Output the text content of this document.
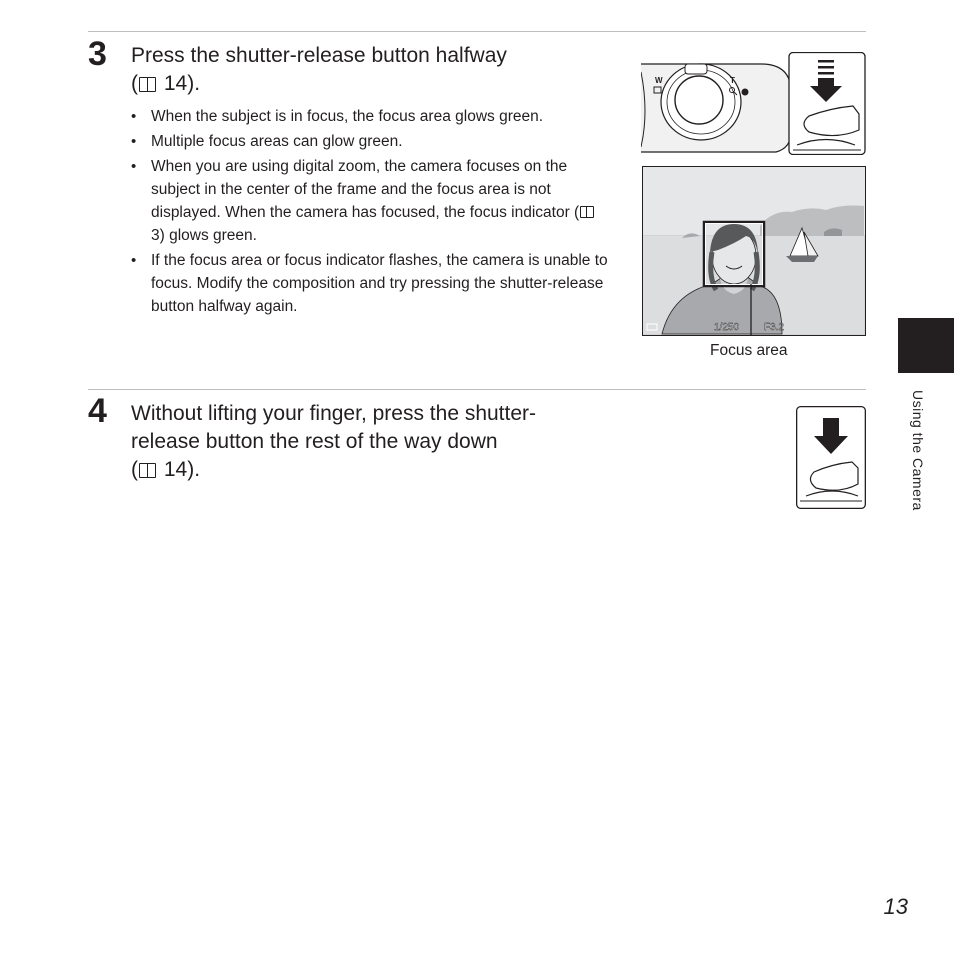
3 Press the shutter-release button halfway
( 14).
• When the subject is in focus, the focus area glows green.
• Multiple focus areas can glow green.
• When you are using digital zoom, the camera focuses on the subject in the center of the frame and the focus area is not displayed. When the camera has focused, the focus indicator ( 3) glows green.
• If the focus area or focus indicator flashes, the camera is unable to focus. Modify the composition and try pressing the shutter-release button halfway again.
W	T
1/250 F3.2
Focus area
4 Without lifting your finger, press the shutter-
release button the rest of the way down
( 14).	Using the Camera
13
